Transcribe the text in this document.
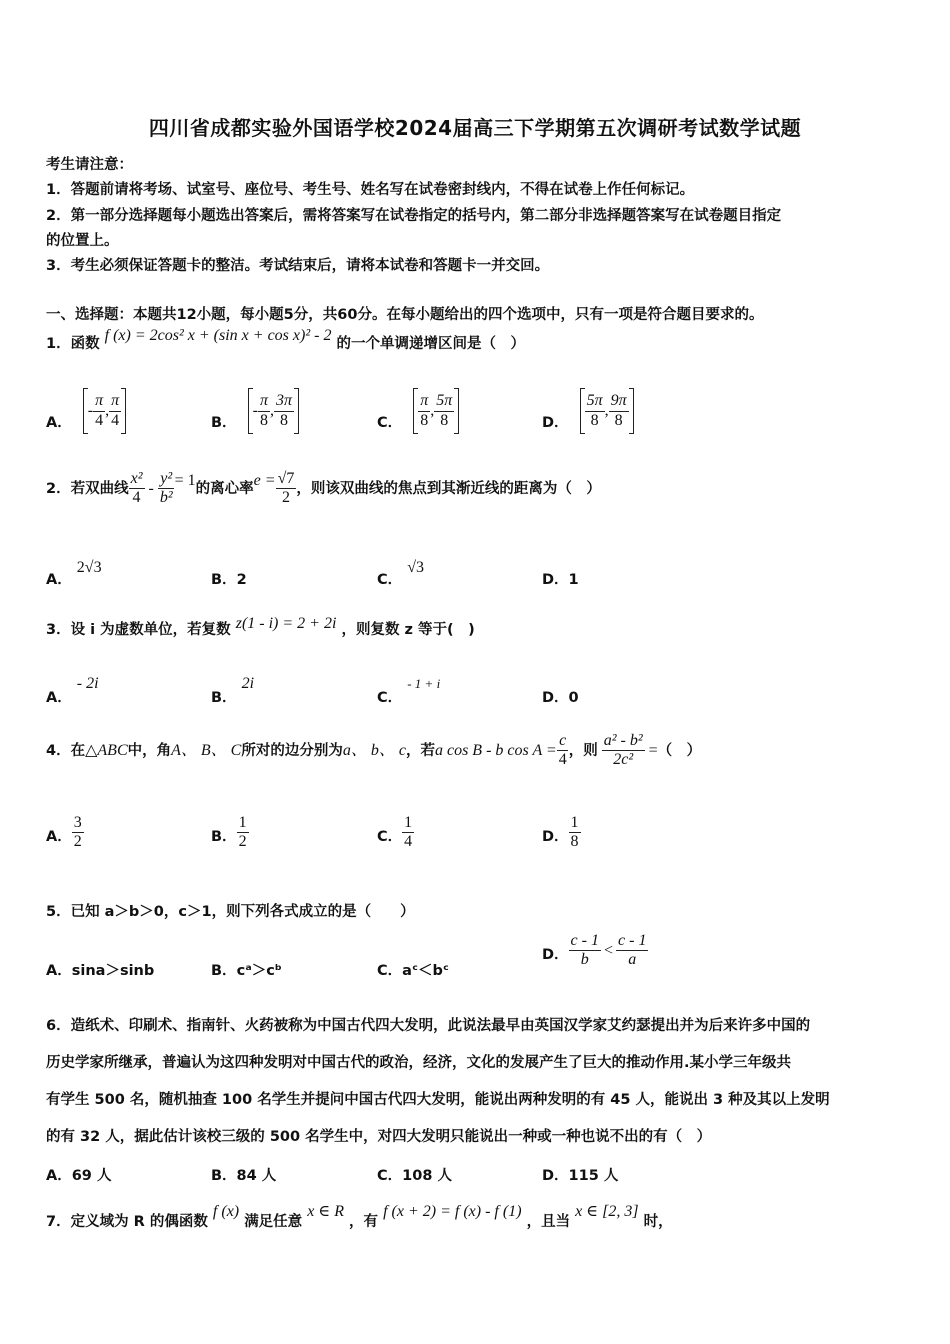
四川省成都实验外国语学校2024届高三下学期第五次调研考试数学试题
考生请注意：
1．答题前请将考场、试室号、座位号、考生号、姓名写在试卷密封线内，不得在试卷上作任何标记。
2．第一部分选择题每小题选出答案后，需将答案写在试卷指定的括号内，第二部分非选择题答案写在试卷题目指定
的位置上。
3．考生必须保证答题卡的整洁。考试结束后，请将本试卷和答题卡一并交回。
一、选择题：本题共12小题，每小题5分，共60分。在每小题给出的四个选项中，只有一项是符合题目要求的。
1．函数 f (x) = 2cos² x + (sin x + cos x)² - 2 的一个单调递增区间是（　）
A． - $\frac{\pi}{4}$ , $\frac{\pi}{4}$	B． - $\frac{\pi}{8}$ , $\frac{3\pi}{8}$	C． $\frac{\pi}{8}$ , $\frac{5\pi}{8}$	D． $\frac{5\pi}{8}$ , $\frac{9\pi}{8}$
2．若双曲线 $\frac{\text{x²}}{4} - \frac{\text{y²}}{\text{b²}} = 1$的离心率$e = \frac{√7}{2}$ ，则该双曲线的焦点到其渐近线的距离为（　）
A． 2√3
B．2	C． √3
D．1
3．设 i 为虚数单位，若复数 z(1 - i) = 2 + 2i ，则复数 z 等于(　)
A． - 2i
B． 2i
C． - 1 + i
D．0
4．在△ABC中，角A、 B、 C所对的边分别为a、 b、 c，若a cos B - b $\cos A = \frac{c}{4}$ ，则 $\frac{\text{a² - b²}}{\text{2c²}}$ =（　）
A． $\frac{3}{2}$	B． $\frac{1}{2}$	C． $\frac{1}{4}$	D． $\frac{1}{8}$
5．已知 a＞b＞0，c＞1，则下列各式成立的是（　　）
A．sina＞sinb	B．cᵃ＞cᵇ	C．aᶜ＜bᶜ
D． $\frac{c - 1}{b} < \frac{c - 1}{a}$
6．造纸术、印刷术、指南针、火药被称为中国古代四大发明，此说法最早由英国汉学家艾约瑟提出并为后来许多中国的
历史学家所继承，普遍认为这四种发明对中国古代的政治，经济，文化的发展产生了巨大的推动作用.某小学三年级共
有学生 500 名，随机抽查 100 名学生并提问中国古代四大发明，能说出两种发明的有 45 人，能说出 3 种及其以上发明
的有 32 人，据此估计该校三级的 500 名学生中，对四大发明只能说出一种或一种也说不出的有（　）
A．69 人	B．84 人	C．108 人	D．115 人
7．定义域为 R 的偶函数 f (x) 满足任意 x ∈ R ，有 f (x + 2) = f (x) - f (1) ，且当 x ∈ [2, 3] 时，
